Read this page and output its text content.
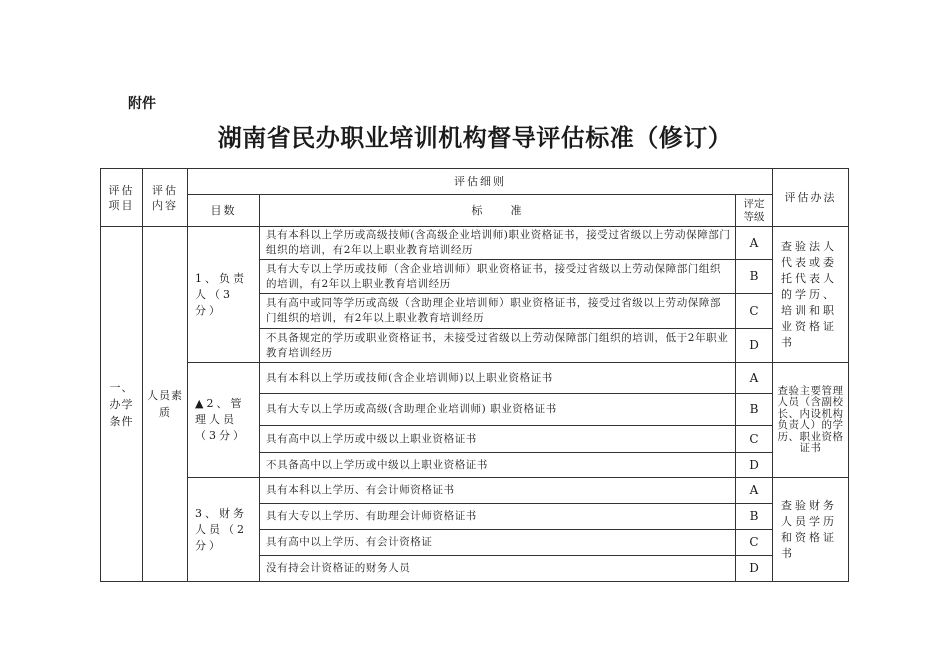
附件
湖南省民办职业培训机构督导评估标准（修订）
评估项目	评估内容	评估细则			评估办法
		目数	标　　准	评定等级	
一、办学条件	人员素质	1、负责人（3分）	具有本科以上学历或高级技师(含高级企业培训师)职业资格证书，接受过省级以上劳动保障部门组织的培训，有2年以上职业教育培训经历	A	查验法人代表或委托代表人的学历、培训和职业资格证书
			具有大专以上学历或技师（含企业培训师）职业资格证书，接受过省级以上劳动保障部门组织的培训，有2年以上职业教育培训经历	B	
			具有高中或同等学历或高级（含助理企业培训师）职业资格证书，接受过省级以上劳动保障部门组织的培训，有2年以上职业教育培训经历	C	
			不具备规定的学历或职业资格证书，未接受过省级以上劳动保障部门组织的培训，低于2年职业教育培训经历	D	
		▲2、管理人员（3分）	具有本科以上学历或技师(含企业培训师)以上职业资格证书	A	查验主要管理人员（含副校长、内设机构负责人）的学历、职业资格证书
			具有大专以上学历或高级(含助理企业培训师) 职业资格证书	B	
			具有高中以上学历或中级以上职业资格证书	C	
			不具备高中以上学历或中级以上职业资格证书	D	
		3、财务人员（2分）	具有本科以上学历、有会计师资格证书	A	查验财务人员学历和资格证书
			具有大专以上学历、有助理会计师资格证书	B	
			具有高中以上学历、有会计资格证	C	
			没有持会计资格证的财务人员	D	
